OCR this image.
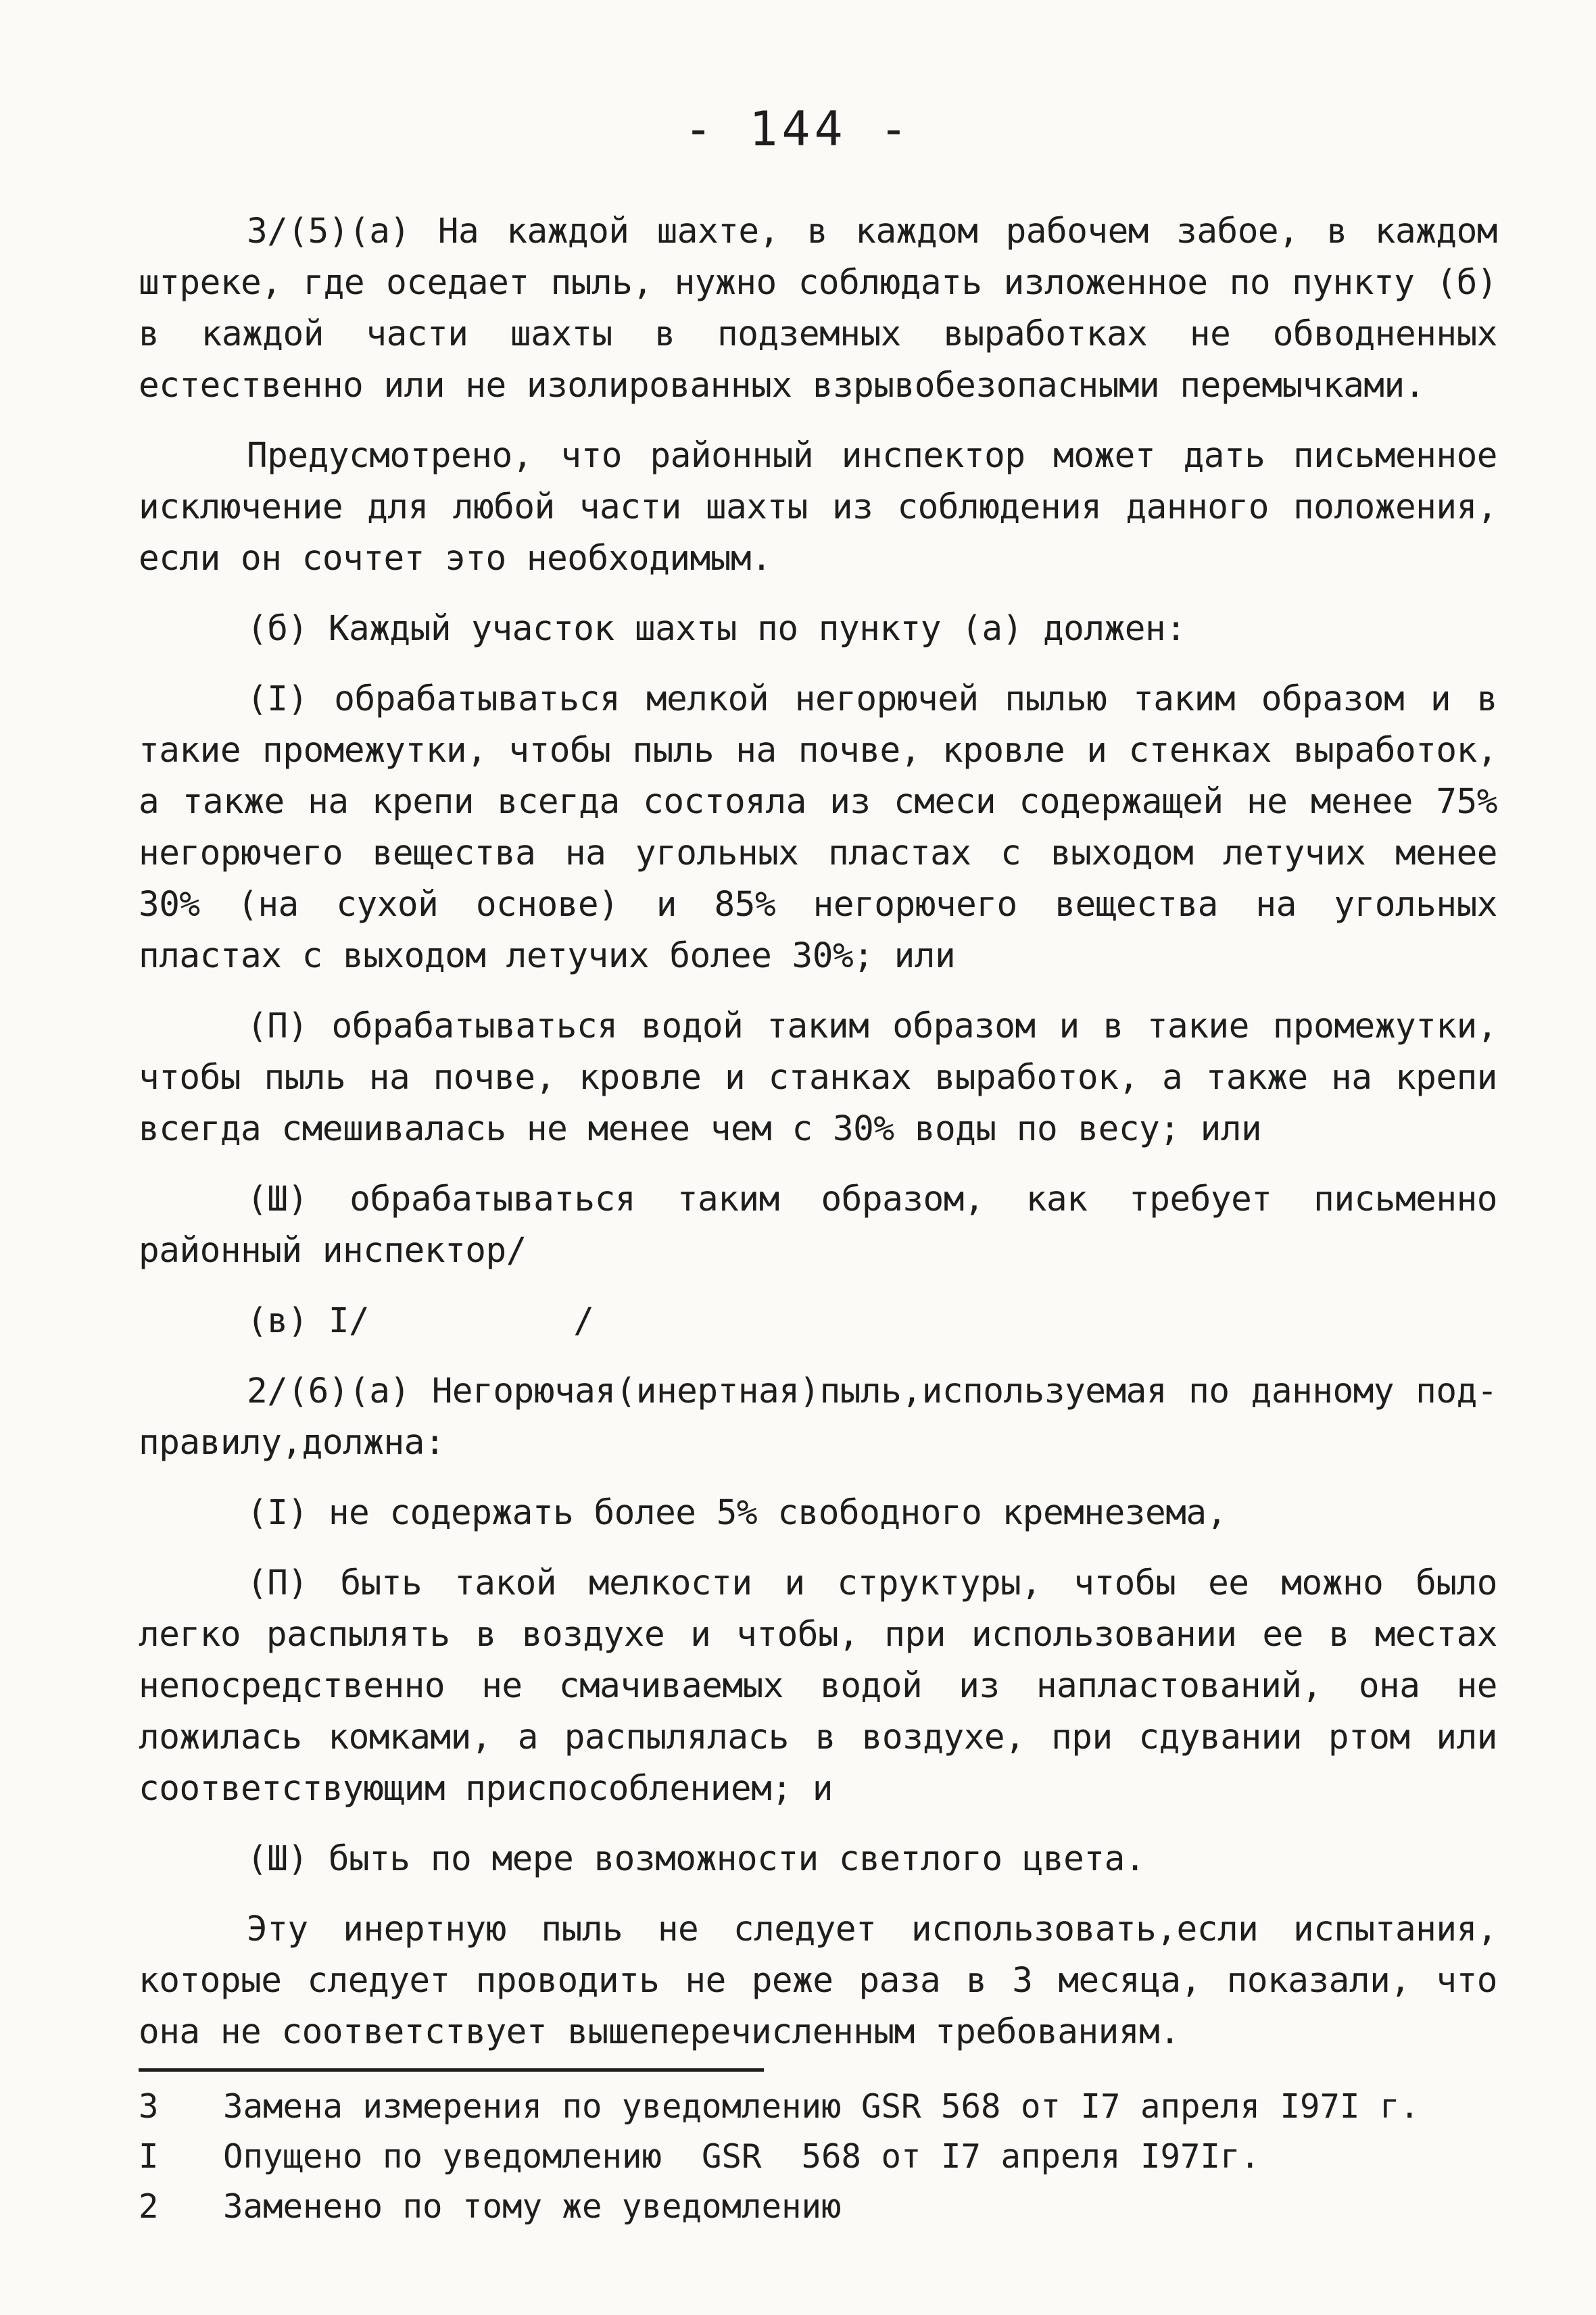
- 144 -

3/(5)(а) На каждой шахте, в каждом рабочем забое, в каждом штреке, где оседает пыль, нужно соблюдать изложенное по пункту (б) в каждой части шахты в подземных выработках не обводненных естественно или не изолированных взрывобезопасными перемычками.

Предусмотрено, что районный инспектор может дать письменное исключение для любой части шахты из соблюдения данного положения, если он сочтет это необходимым.

(б) Каждый участок шахты по пункту (а) должен:

(I) обрабатываться мелкой негорючей пылью таким образом и в такие промежутки, чтобы пыль на почве, кровле и стенках выработок, а также на крепи всегда состояла из смеси содержащей не менее 75% негорючего вещества на угольных пластах с выходом летучих менее 30% (на сухой основе) и 85% негорючего вещества на угольных пластах с выходом летучих более 30%; или

(П) обрабатываться водой таким образом и в такие промежутки, чтобы пыль на почве, кровле и станках выработок, а также на крепи всегда смешивалась не менее чем с 30% воды по весу; или

(Ш) обрабатываться таким образом, как требует письменно районный инспектор/

(в) I/          /

2/(6)(а) Негорючая(инертная)пыль,используемая по данному под-правилу,должна:

(I) не содержать более 5% свободного кремнезема,

(П) быть такой мелкости и структуры, чтобы ее можно было легко распылять в воздухе и чтобы, при использовании ее в местах непосредственно не смачиваемых водой из напластований, она не ложилась комками, а распылялась в воздухе, при сдувании ртом или соответствующим приспособлением; и

(Ш) быть по мере возможности светлого цвета.

Эту инертную пыль не следует использовать,если испытания, которые следует проводить не реже раза в 3 месяца, показали, что она не соответствует вышеперечисленным требованиям.

3	Замена измерения по уведомлению GSR 568 от I7 апреля I97I г.
I	Опущено по уведомлению  GSR  568 от I7 апреля I97Iг.
2	Заменено по тому же уведомлению
